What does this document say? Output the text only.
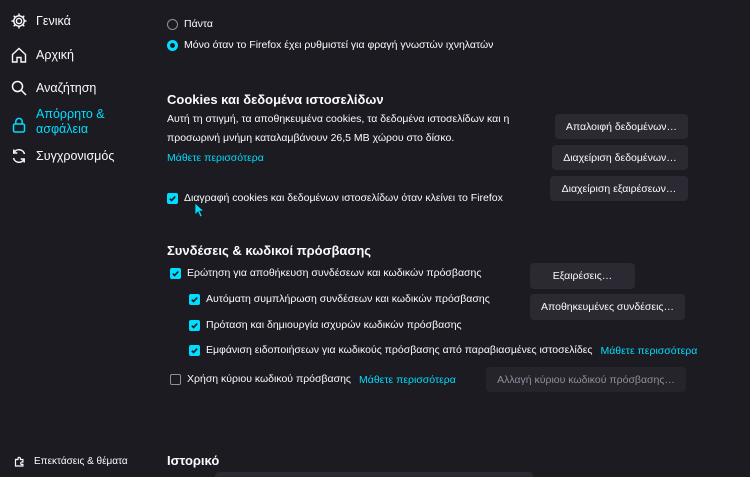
Γενικά
Αρχική
Αναζήτηση
Απόρρητο &
ασφάλεια
Συγχρονισμός
Επεκτάσεις & θέματα
Πάντα
Μόνο όταν το Firefox έχει ρυθμιστεί για φραγή γνωστών ιχνηλατών
Cookies και δεδομένα ιστοσελίδων
Αυτή τη στιγμή, τα αποθηκευμένα cookies, τα δεδομένα ιστοσελίδων και η
προσωρινή μνήμη καταλαμβάνουν 26,5 MB χώρου στο δίσκο.
Μάθετε περισσότερα
Απαλοιφή δεδομένων…
Διαχείριση δεδομένων…
Διαχείριση εξαιρέσεων…
Διαγραφή cookies και δεδομένων ιστοσελίδων όταν κλείνει το Firefox
Συνδέσεις & κωδικοί πρόσβασης
Ερώτηση για αποθήκευση συνδέσεων και κωδικών πρόσβασης
Αυτόματη συμπλήρωση συνδέσεων και κωδικών πρόσβασης
Πρόταση και δημιουργία ισχυρών κωδικών πρόσβασης
Εμφάνιση ειδοποιήσεων για κωδικούς πρόσβασης από παραβιασμένες ιστοσελίδες Μάθετε περισσότερα
Εξαιρέσεις…
Αποθηκευμένες συνδέσεις…
Χρήση κύριου κωδικού πρόσβασης Μάθετε περισσότερα	Αλλαγή κύριου κωδικού πρόσβασης…
Ιστορικό
